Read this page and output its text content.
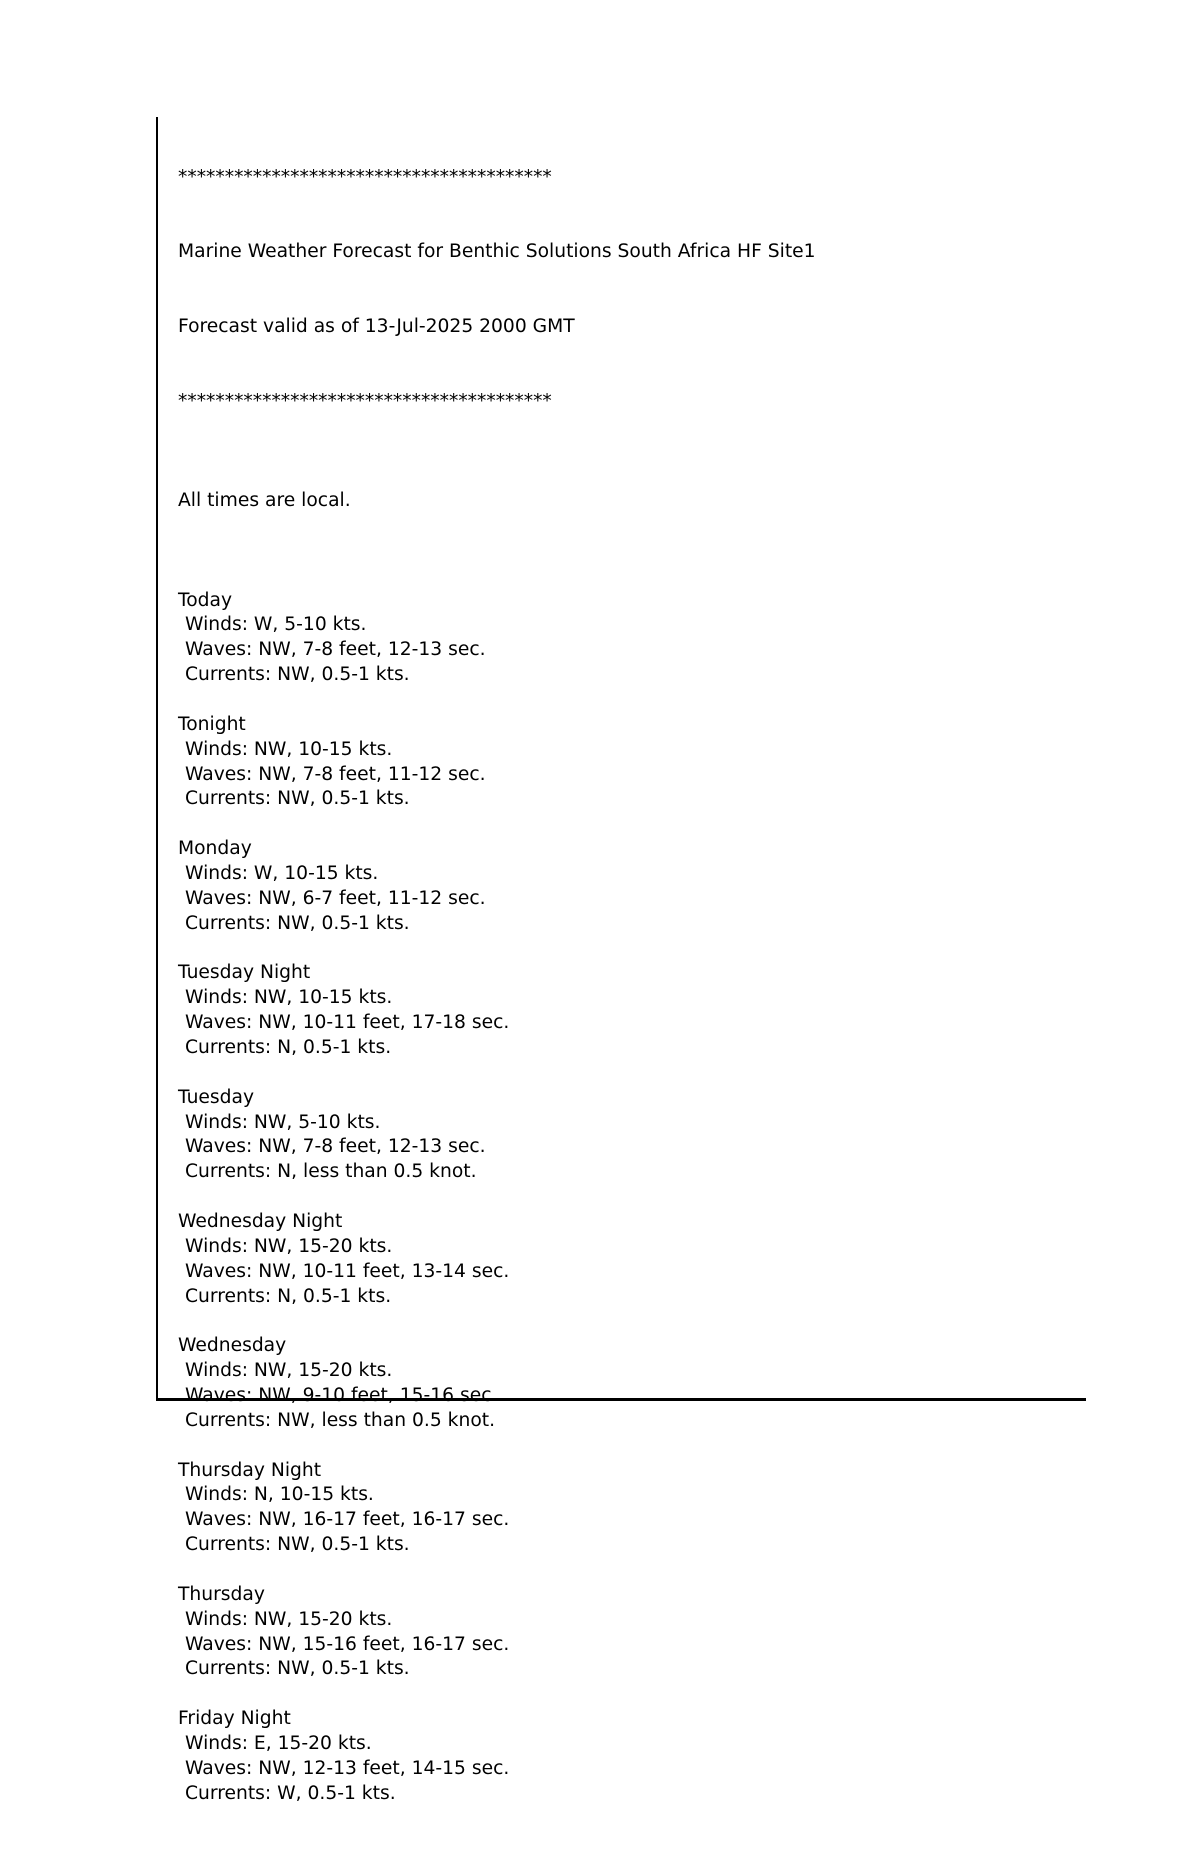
****************************************

Marine Weather Forecast for Benthic Solutions South Africa HF Site1

Forecast valid as of 13-Jul-2025 2000 GMT

****************************************

All times are local.

Today
Winds: W, 5-10 kts.
Waves: NW, 7-8 feet, 12-13 sec.
Currents: NW, 0.5-1 kts.
Tonight
Winds: NW, 10-15 kts.
Waves: NW, 7-8 feet, 11-12 sec.
Currents: NW, 0.5-1 kts.
Monday
Winds: W, 10-15 kts.
Waves: NW, 6-7 feet, 11-12 sec.
Currents: NW, 0.5-1 kts.
Tuesday Night
Winds: NW, 10-15 kts.
Waves: NW, 10-11 feet, 17-18 sec.
Currents: N, 0.5-1 kts.
Tuesday
Winds: NW, 5-10 kts.
Waves: NW, 7-8 feet, 12-13 sec.
Currents: N, less than 0.5 knot.
Wednesday Night
Winds: NW, 15-20 kts.
Waves: NW, 10-11 feet, 13-14 sec.
Currents: N, 0.5-1 kts.
Wednesday
Winds: NW, 15-20 kts.
Waves: NW, 9-10 feet, 15-16 sec.
Currents: NW, less than 0.5 knot.
Thursday Night
Winds: N, 10-15 kts.
Waves: NW, 16-17 feet, 16-17 sec.
Currents: NW, 0.5-1 kts.
Thursday
Winds: NW, 15-20 kts.
Waves: NW, 15-16 feet, 16-17 sec.
Currents: NW, 0.5-1 kts.
Friday Night
Winds: E, 15-20 kts.
Waves: NW, 12-13 feet, 14-15 sec.
Currents: W, 0.5-1 kts.
